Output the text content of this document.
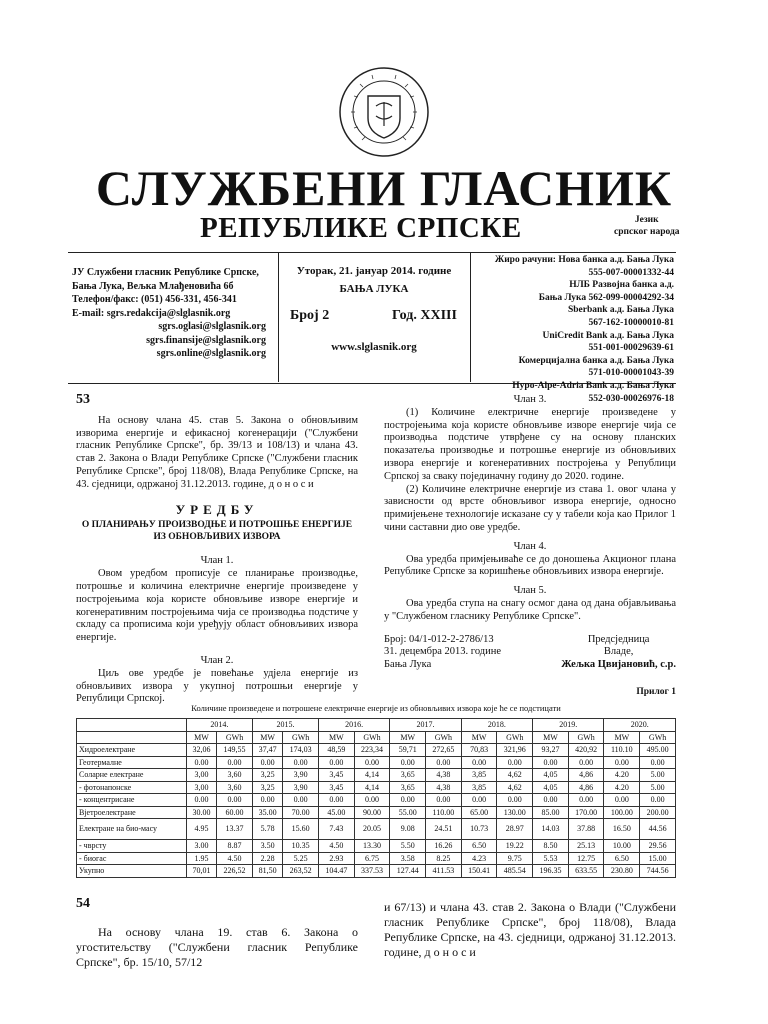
СЛУЖБЕНИ ГЛАСНИК
РЕПУБЛИКЕ СРПСКЕ	Језик
српског народа
ЈУ Службени гласник Републике Српске,
Бања Лука, Вељка Млађеновића 6б
Телефон/факс: (051) 456-331, 456-341
E-mail: sgrs.redakcija@slglasnik.org
sgrs.oglasi@slglasnik.org
sgrs.finansije@slglasnik.org
sgrs.online@slglasnik.org
Уторак, 21. јануар 2014. године
БАЊА ЛУКА
Број 2	Год. XXIII
www.slglasnik.org
Жиро рачуни: Нова банка а.д. Бања Лука
555-007-00001332-44
НЛБ Развојна банка а.д.
Бања Лука 562-099-00004292-34
Sberbank а.д. Бања Лука
567-162-10000010-81
UniCredit Bank а.д. Бања Лука
551-001-00029639-61
Комерцијална банка а.д. Бања Лука
571-010-00001043-39
Hypo-Alpe-Adria Bank а.д. Бања Лука
552-030-00026976-18

53

На основу члана 45. став 5. Закона о обновљивим изворима енергије и ефикасној когенерацији ("Службени гласник Републике Српске", бр. 39/13 и 108/13) и члана 43. став 2. Закона о Влади Републике Српске ("Службени гласник Републике Српске", број 118/08), Влада Републике Српске, на 43. сједници, одржаној 31.12.2013. године, д о н о с и

УРЕДБУ

О ПЛАНИРАЊУ ПРОИЗВОДЊЕ И ПОТРОШЊЕ ЕНЕРГИЈЕ ИЗ ОБНОВЉИВИХ ИЗВОРА

Члан 1.

Овом уредбом прописује се планирање производње, потрошње и количина електричне енергије произведене у постројењима која користе обновљиве изворе енергије и когенеративним постројењима чија се производња подстиче у складу са прописима који уређују област обновљивих извора енергије.

Члан 2.

Циљ ове уредбе је повећање удјела енергије из обновљивих извора у укупној потрошњи енергије у Републици Српској.

Члан 3.

(1) Количине електричне енергије произведене у постројењима која користе обновљиве изворе енергије чија се производња подстиче утврђене су на основу планских показатеља производње и потрошње енергије из обновљивих извора енергије и когенеративних постројења у Републици Српској за сваку појединачну годину до 2020. године.

(2) Количине електричне енергије из става 1. овог члана у зависности од врсте обновљивог извора енергије, односно примијењене технологије исказане су у табели која као Прилог 1 чини саставни дио ове уредбе.

Члан 4.

Ова уредба примјењиваће се до доношења Акционог плана Републике Српске за коришћење обновљивих извора енергије.

Члан 5.

Ова уредба ступа на снагу осмог дана од дана објављивања у "Службеном гласнику Републике Српске".

Број: 04/1-012-2-2786/13
31. децембра 2013. године
Бања Лука
Предсједница
Владе,
Жељка Цвијановић, с.р.
Прилог 1
Количине произведене и потрошене електричне енергије из обновљивих извора које ће се подстицати
	2014.		2015.		2016.		2017.		2018.		2019.		2020.	
	MW	GWh	MW	GWh	MW	GWh	MW	GWh	MW	GWh	MW	GWh	MW	GWh
Хидроелектране	32,06	149,55	37,47	174,03	48,59	223,34	59,71	272,65	70,83	321,96	93,27	420,92	110.10	495.00
Геотермалне	0.00	0.00	0.00	0.00	0.00	0.00	0.00	0.00	0.00	0.00	0.00	0.00	0.00	0.00
Соларне електране	3,00	3,60	3,25	3,90	3,45	4,14	3,65	4,38	3,85	4,62	4,05	4,86	4.20	5.00
- фотонапонске	3,00	3,60	3,25	3,90	3,45	4,14	3,65	4,38	3,85	4,62	4,05	4,86	4.20	5.00
- концентрисане	0.00	0.00	0.00	0.00	0.00	0.00	0.00	0.00	0.00	0.00	0.00	0.00	0.00	0.00
Вјетроелектране	30.00	60.00	35.00	70.00	45.00	90.00	55.00	110.00	65.00	130.00	85.00	170.00	100.00	200.00
Електране на био-масу	4.95	13.37	5.78	15.60	7.43	20.05	9.08	24.51	10.73	28.97	14.03	37.88	16.50	44.56
- чврсту	3.00	8.87	3.50	10.35	4.50	13.30	5.50	16.26	6.50	19.22	8.50	25.13	10.00	29.56
- биогас	1.95	4.50	2.28	5.25	2.93	6.75	3.58	8.25	4.23	9.75	5.53	12.75	6.50	15.00
Укупно	70,01	226,52	81,50	263,52	104.47	337.53	127.44	411.53	150.41	485.54	196.35	633.55	230.80	744.56

54

На основу члана 19. став 6. Закона о угоститељству ("Службени гласник Републике Српске", бр. 15/10, 57/12

и 67/13) и члана 43. став 2. Закона о Влади ("Службени гласник Републике Српске", број 118/08), Влада Републике Српске, на 43. сједници, одржаној 31.12.2013. године, д о н о с и
